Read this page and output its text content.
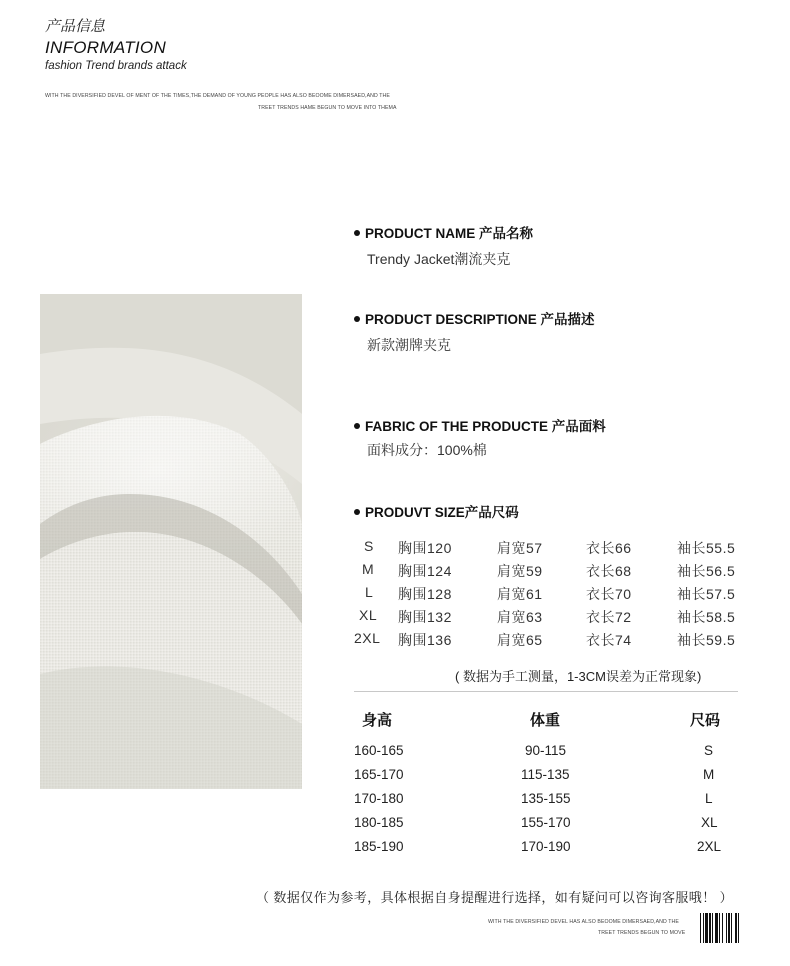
产品信息
INFORMATION
fashion Trend brands attack
WITH THE DIVERSIFIED DEVEL OF MENT OF THE TIMES,THE DEMAND OF YOUNG PEOPLE HAS ALSO BEOOME DIMERSAED,AND THE
TREET TRENDS HAME BEGUN TO MOVE INTO THEMA
PRODUCT NAME 产品名称
Trendy Jacket潮流夹克
PRODUCT DESCRIPTIONE 产品描述
新款潮牌夹克
FABRIC OF THE PRODUCTE 产品面料
面料成分：100%棉
PRODUVT SIZE产品尺码
S 胸围120	肩宽57	衣长66	袖长55.5
M 胸围124	肩宽59	衣长68	袖长56.5
L 胸围128	肩宽61	衣长70	袖长57.5
XL 胸围132	肩宽63	衣长72	袖长58.5
2XL 胸围136	肩宽65	衣长74	袖长59.5
( 数据为手工测量，1-3CM误差为正常现象)
身高	体重	尺码
160-165	90-115	S
165-170	115-135	M
170-180	135-155	L
180-185	155-170	XL
185-190	170-190	2XL
（ 数据仅作为参考，具体根据自身提醒进行选择，如有疑问可以咨询客服哦！ ）
WITH THE DIVERSIFIED DEVEL HAS ALSO BEOOME DIMERSAED,AND THE
TREET TRENDS BEGUN TO MOVE
